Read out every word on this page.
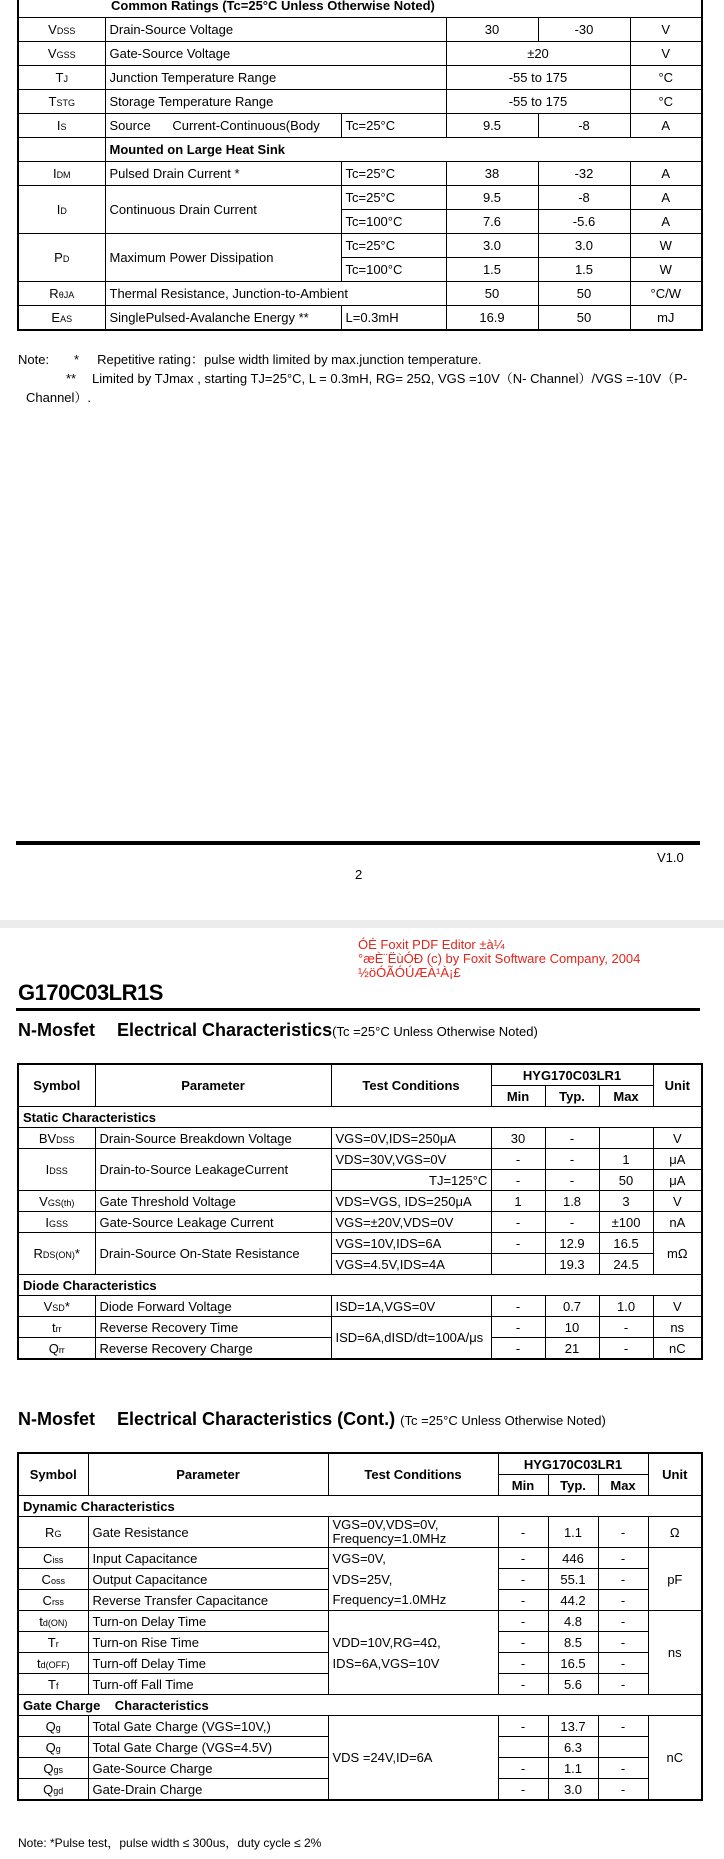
Common Ratings (Tc=25°C Unless Otherwise Noted)					
VDSS	Drain-Source Voltage		30	-30	V
VGSS	Gate-Source Voltage		±20		V
TJ	Junction Temperature Range		-55 to 175		°C
TSTG	Storage Temperature Range		-55 to 175		°C
IS	Source      Current-Continuous(Body	Tc=25°C	9.5	-8	A
	Mounted on Large Heat Sink				
IDM	Pulsed Drain Current *	Tc=25°C	38	-32	A
ID	Continuous Drain Current	Tc=25°C	9.5	-8	A
		Tc=100°C	7.6	-5.6	A
PD	Maximum Power Dissipation	Tc=25°C	3.0	3.0	W
		Tc=100°C	1.5	1.5	W
RθJA	Thermal Resistance, Junction-to-Ambient		50	50	°C/W
EAS	SinglePulsed-Avalanche Energy **	L=0.3mH	16.9	50	mJ
Note: * Repetitive rating：pulse width limited by max.junction temperature.
** Limited by TJmax , starting TJ=25°C, L = 0.3mH, RG= 25Ω, VGS =10V（N- Channel）/VGS =-10V（P-
Channel）.
V1.0
2
ÓÉ Foxit PDF Editor ±à¼
°æÈ¨ËùÓÐ (c) by Foxit Software Company, 2004
½öÓÃÓÚÆÀ¹À¡£
G170C03LR1S
N-Mosfet Electrical Characteristics(Tc =25°C Unless Otherwise Noted)
Symbol	Parameter	Test Conditions		HYG170C03LR1			Unit
				Min	Typ.	Max	
Static Characteristics							
BVDSS	Drain-Source Breakdown Voltage	VGS=0V,IDS=250μA		30	-		V
IDSS	Drain-to-Source LeakageCurrent	VDS=30V,VGS=0V		-	-	1	μA
			TJ=125°C	-	-	50	μA
VGS(th)	Gate Threshold Voltage	VDS=VGS, IDS=250μA		1	1.8	3	V
IGSS	Gate-Source Leakage Current	VGS=±20V,VDS=0V		-	-	±100	nA
RDS(ON)*	Drain-Source On-State Resistance	VGS=10V,IDS=6A		-	12.9	16.5	mΩ
		VGS=4.5V,IDS=4A			19.3	24.5	
Diode Characteristics							
VSD*	Diode Forward Voltage	ISD=1A,VGS=0V		-	0.7	1.0	V
trr	Reverse Recovery Time	ISD=6A,dISD/dt=100A/μs		-	10	-	ns
Qrr	Reverse Recovery Charge			-	21	-	nC
N-Mosfet Electrical Characteristics (Cont.) (Tc =25°C Unless Otherwise Noted)
Symbol	Parameter	Test Conditions	HYG170C03LR1			Unit
			Min	Typ.	Max	
Dynamic Characteristics						
RG	Gate Resistance	VGS=0V,VDS=0V,
Frequency=1.0MHz	-	1.1	-	Ω
Ciss	Input Capacitance	VGS=0V,	-	446	-	pF
Coss	Output Capacitance	VDS=25V,	-	55.1	-	
Crss	Reverse Transfer Capacitance	Frequency=1.0MHz	-	44.2	-	
td(ON)	Turn-on Delay Time		-	4.8	-	ns
Tr	Turn-on Rise Time	VDD=10V,RG=4Ω,	-	8.5	-	
td(OFF)	Turn-off Delay Time	IDS=6A,VGS=10V	-	16.5	-	
Tf	Turn-off Fall Time		-	5.6	-	
Gate Charge    Characteristics						
Qg	Total Gate Charge (VGS=10V,)	VDS =24V,ID=6A	-	13.7	-	nC
Qg	Total Gate Charge (VGS=4.5V)			6.3		
Qgs	Gate-Source Charge		-	1.1	-	
Qgd	Gate-Drain Charge		-	3.0	-	
Note: *Pulse test，pulse width ≤ 300us，duty cycle ≤ 2%
